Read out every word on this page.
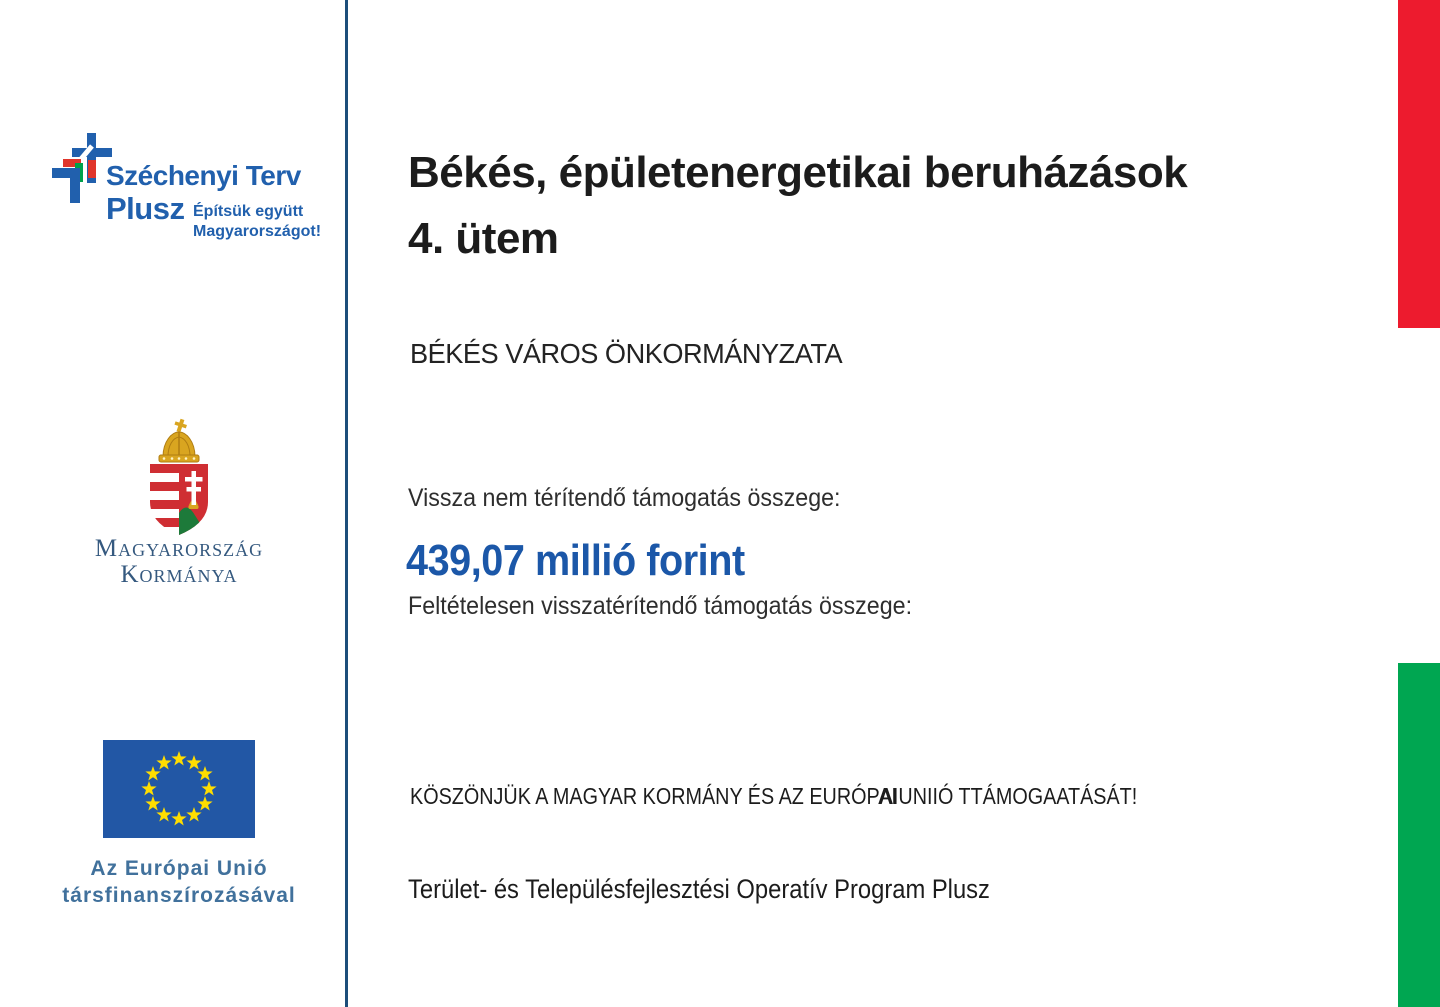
Széchenyi Terv
Plusz Építsük együtt
Magyarországot!
Magyarország
Kormánya
Az Európai Unió
társfinanszírozásával
Békés, épületenergetikai beruházások
4. ütem
BÉKÉS VÁROS ÖNKORMÁNYZATA
Vissza nem térítendő támogatás összege:
439,07 millió forint
Feltételesen visszatérítendő támogatás összege:
KÖSZÖNJÜK A MAGYAR KORMÁNY ÉS AZ EURÓPAIAIUNIIÓ TTÁMOGAATÁSÁT!
Terület- és Településfejlesztési Operatív Program Plusz
